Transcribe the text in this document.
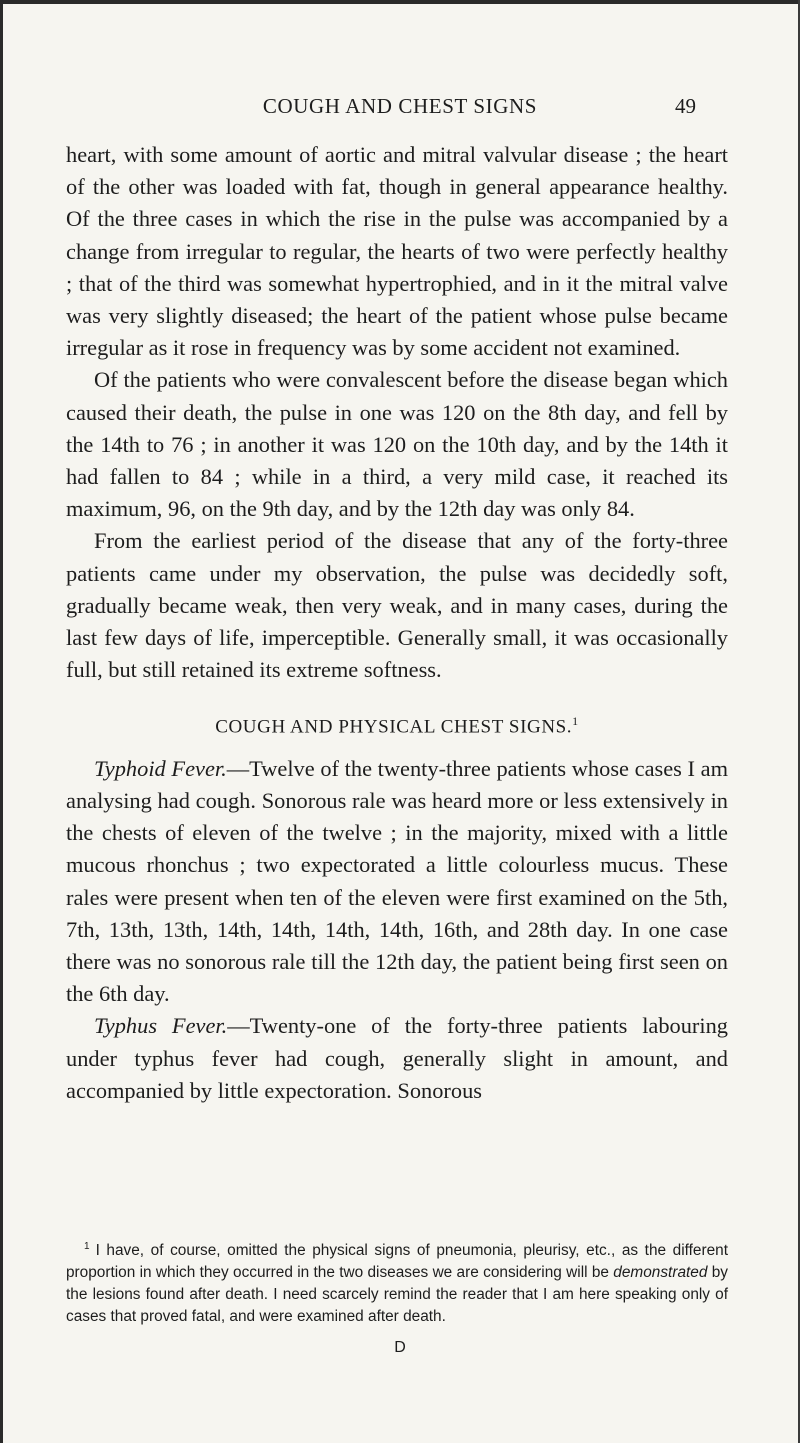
COUGH AND CHEST SIGNS	49

heart, with some amount of aortic and mitral valvular disease ; the heart of the other was loaded with fat, though in general appearance healthy. Of the three cases in which the rise in the pulse was accompanied by a change from irregular to regular, the hearts of two were perfectly healthy ; that of the third was somewhat hypertrophied, and in it the mitral valve was very slightly diseased; the heart of the patient whose pulse became irregular as it rose in frequency was by some accident not examined.

Of the patients who were convalescent before the disease began which caused their death, the pulse in one was 120 on the 8th day, and fell by the 14th to 76 ; in another it was 120 on the 10th day, and by the 14th it had fallen to 84 ; while in a third, a very mild case, it reached its maximum, 96, on the 9th day, and by the 12th day was only 84.

From the earliest period of the disease that any of the forty-three patients came under my observation, the pulse was decidedly soft, gradually became weak, then very weak, and in many cases, during the last few days of life, imperceptible. Generally small, it was occasionally full, but still retained its extreme softness.

COUGH AND PHYSICAL CHEST SIGNS.$^1$

Typhoid Fever.—Twelve of the twenty-three patients whose cases I am analysing had cough. Sonorous rale was heard more or less extensively in the chests of eleven of the twelve ; in the majority, mixed with a little mucous rhonchus ; two expectorated a little colourless mucus. These rales were present when ten of the eleven were first examined on the 5th, 7th, 13th, 13th, 14th, 14th, 14th, 14th, 16th, and 28th day. In one case there was no sonorous rale till the 12th day, the patient being first seen on the 6th day.

Typhus Fever.—Twenty-one of the forty-three patients labouring under typhus fever had cough, generally slight in amount, and accompanied by little expectoration. Sonorous

$^1$ I have, of course, omitted the physical signs of pneumonia, pleurisy, etc., as the different proportion in which they occurred in the two diseases we are considering will be demonstrated by the lesions found after death. I need scarcely remind the reader that I am here speaking only of cases that proved fatal, and were examined after death.

D
